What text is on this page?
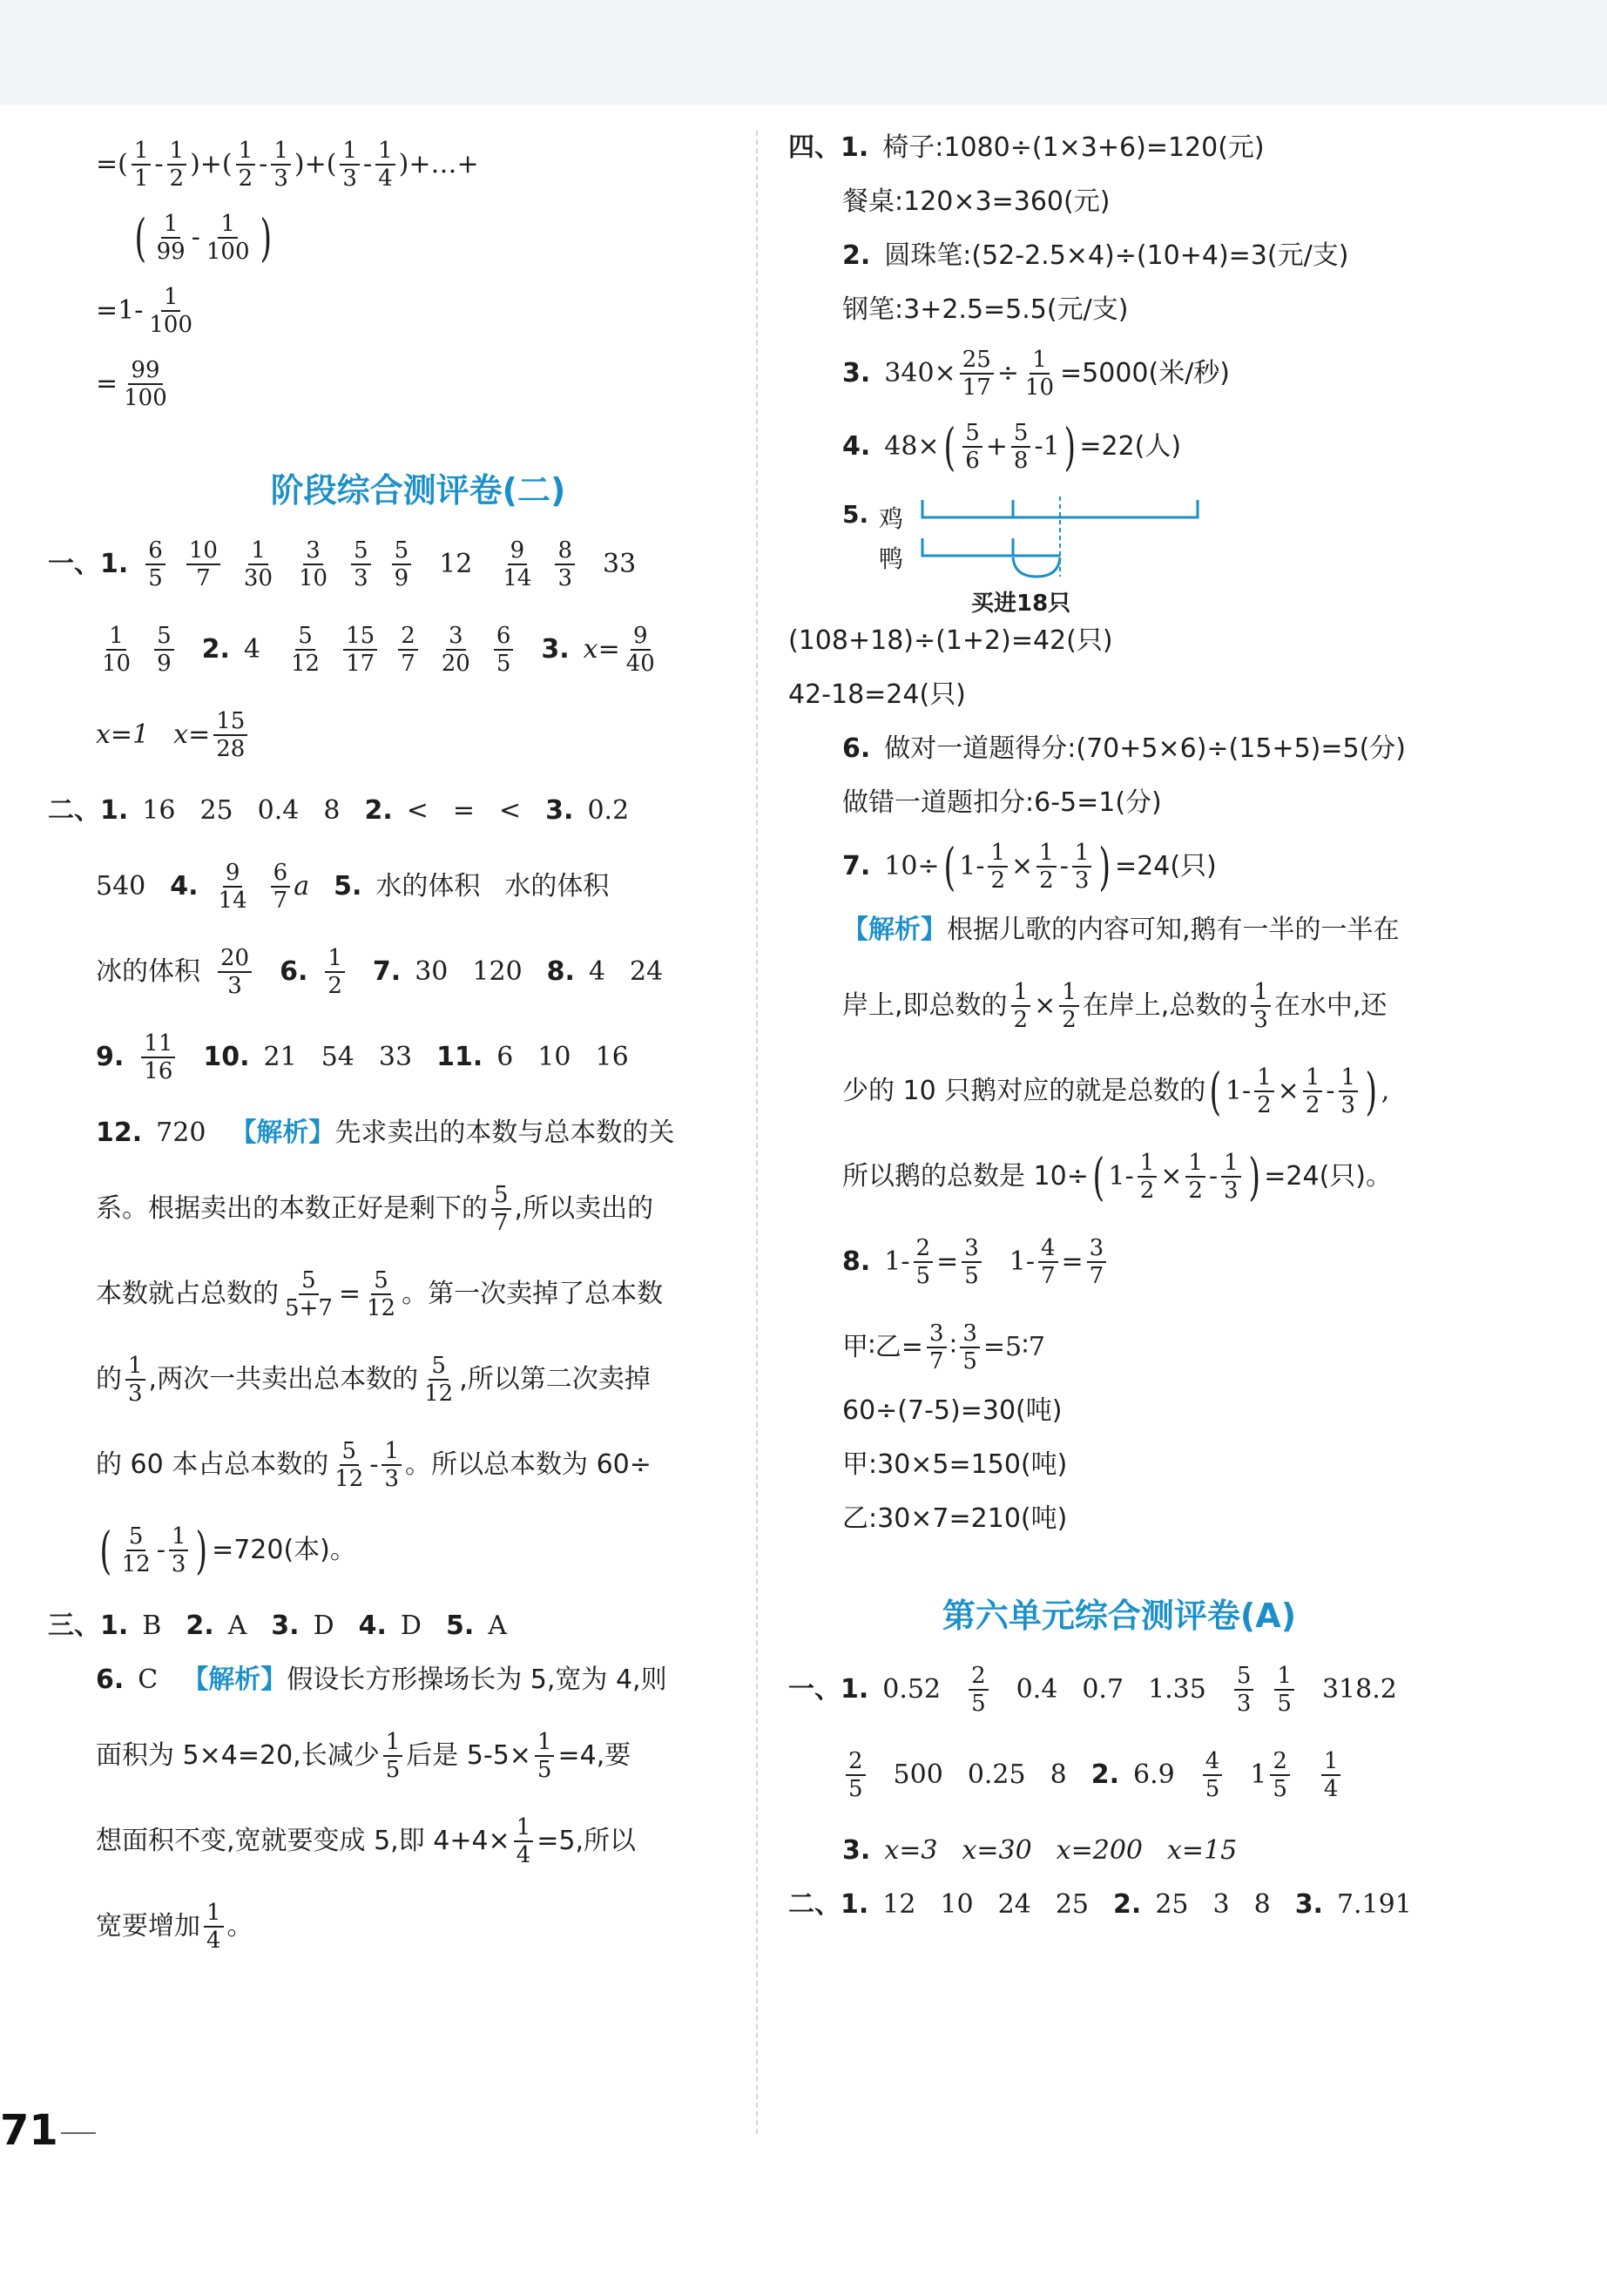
=( $\frac{1}{1} - \frac{1}{2}$ )+( $\frac{1}{2} - \frac{1}{3}$ )+( $\frac{1}{3} - \frac{1}{4}$ )+…+
( $\frac{1}{99} - \frac{1}{100}$ )
$=1- \frac{1}{100}$
= $\frac{99}{100}$
阶段综合测评卷(二)
一、1. $\frac{6}{5} \frac{10}{7} \frac{1}{30} \frac{3}{10} \frac{5}{3} \frac{5}{9} 12 \frac{9}{14} \frac{8}{3} 33$
$\frac{1}{10} \frac{5}{9} 2$. $4 \frac{5}{12} \frac{15}{17} \frac{2}{7} \frac{3}{20} \frac{6}{5} 3$. $x= \frac{9}{40}$
x=1 $x= \frac{15}{28}$
二、1. 16 25 0.4 8 2. < = < 3. 0.2
540 4. $\frac{9}{14} \frac{6}{7}$ a 5. 水的体积 水的体积
冰的体积 $\frac{20}{3} 6$. $\frac{1}{2} 7$. 30 120 8. 4 24
9. $\frac{11}{16} 10$. 21 54 33 11. 6 10 16
12. 720 【解析】 先求卖出的本数与总本数的关
系。根据卖出的本数正好是剩下的 $\frac{5}{7}$ ,所以卖出的
本数就占总数的 $\frac{5}{5+7} = \frac{5}{12}$ 。第一次卖掉了总本数
的 $\frac{1}{3}$ ,两次一共卖出总本数的 $\frac{5}{12}$ ,所以第二次卖掉
的 60 本占总本数的 $\frac{5}{12} - \frac{1}{3}$ 。所以总本数为 60÷
( $\frac{5}{12} - \frac{1}{3}$ ) =720(本)。
三、1. B 2. A 3. D 4. D 5. A
6. C 【解析】 假设长方形操场长为 5,宽为 4,则
面积为 5×4=20,长减少 $\frac{1}{5}$ 后是 $5-5\times \frac{1}{5} =4$,要
想面积不变,宽就要变成 5,即 $4+4\times \frac{1}{4} =5$,所以
宽要增加 $\frac{1}{4}$ 。
四、1. 椅子:1080÷(1×3+6)=120(元)
餐桌:120×3=360(元)
2. 圆珠笔:(52-2.5×4)÷(10+4)=3(元/支)
钢笔:3+2.5=5.5(元/支)
3. $340\times \frac{25}{17} \div \frac{1}{10} =5000$(米/秒)
4. 48× ( $\frac{5}{6} + \frac{5}{8} -1$ ) =22(人)
5. 鸡
鸭
买进18只
(108+18)÷(1+2)=42(只)
42-18=24(只)
6. 做对一道题得分:(70+5×6)÷(15+5)=5(分)
做错一道题扣分:6-5=1(分)
7. 10÷ ( $1- \frac{1}{2} \times \frac{1}{2} - \frac{1}{3}$ ) =24(只)
【解析】 根据儿歌的内容可知,鹅有一半的一半在
岸上,即总数的 $\frac{1}{2} \times \frac{1}{2}$ 在岸上,总数的 $\frac{1}{3}$ 在水中,还
少的 10 只鹅对应的就是总数的 ( $1- \frac{1}{2} \times \frac{1}{2} - \frac{1}{3}$ ) ,
所以鹅的总数是 10÷ ( $1- \frac{1}{2} \times \frac{1}{2} - \frac{1}{3}$ ) =24(只)。
8. $1- \frac{2}{5} = \frac{3}{5} 1- \frac{4}{7} = \frac{3}{7}$
甲∶乙= $\frac{3}{7}$ ∶ $\frac{3}{5}$ =5∶7
60÷(7-5)=30(吨)
甲:30×5=150(吨)
乙:30×7=210(吨)
第六单元综合测评卷(A)
一、1. $0.52 \frac{2}{5} 0.4$ 0.7 $1.35 \frac{5}{3} \frac{1}{5} 318.2$
$\frac{2}{5} 500$ 0.25 8 2. $6.9 \frac{4}{5} 1 \frac{2}{5} \frac{1}{4}$
3. x=3 x=30 x=200 x=15
二、1. 12 10 24 25 2. 25 3 8 3. 7.191
71
